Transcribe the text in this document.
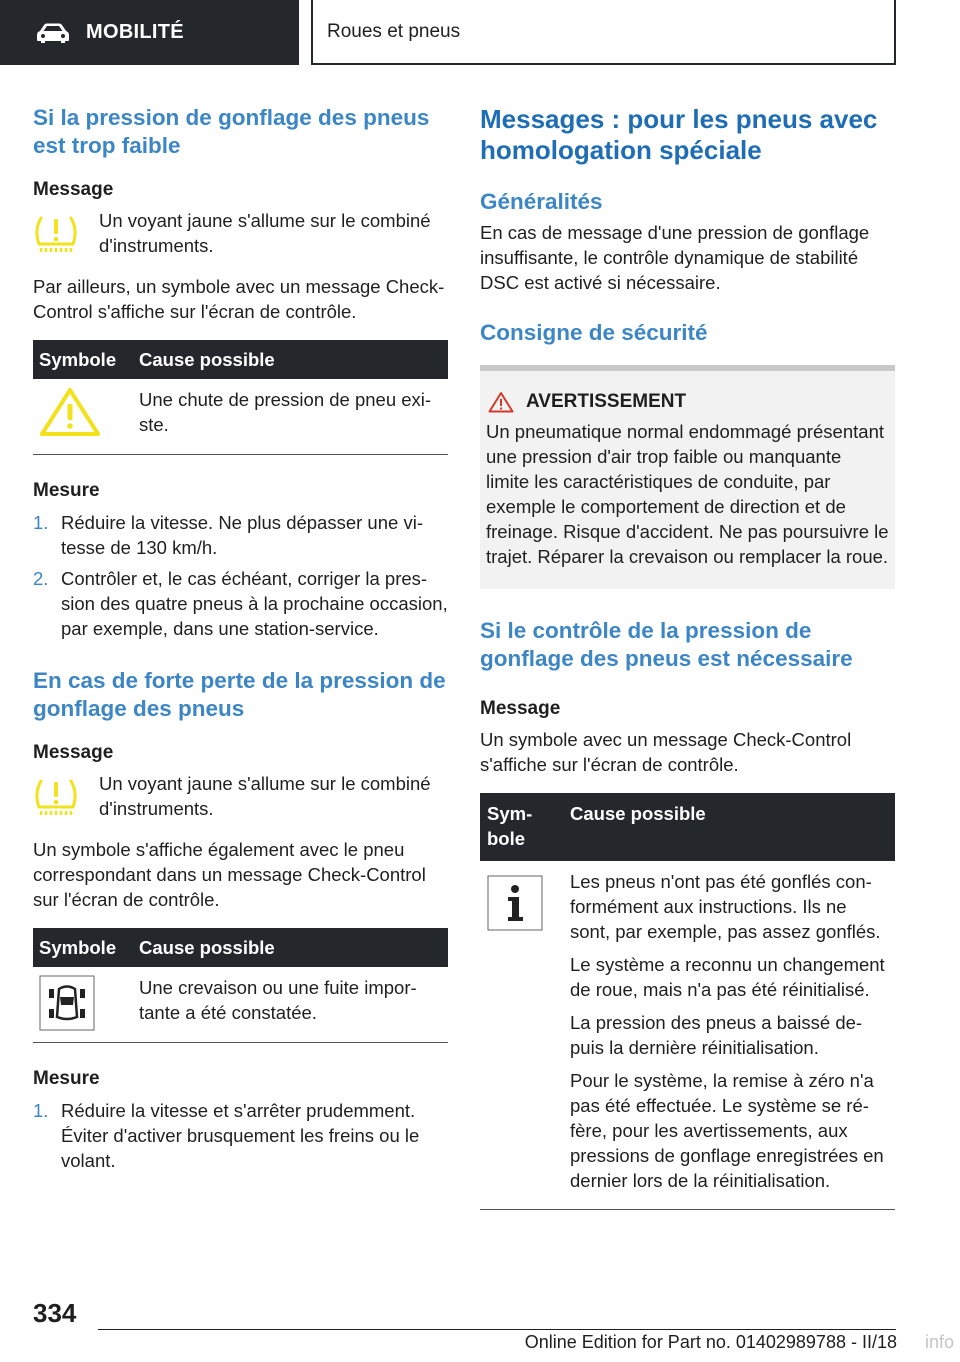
MOBILITÉ	Roues et pneus
Si la pression de gonflage des pneus est trop faible
Message

Un voyant jaune s'allume sur le combiné d'instruments.

Par ailleurs, un symbole avec un message Check-Control s'affiche sur l'écran de contrôle.

Symbole	Cause possible

Une chute de pression de pneu existe.

Mesure
1. Réduire la vitesse. Ne plus dépasser une vitesse de 130 km/h.
2. Contrôler et, le cas échéant, corriger la pression des quatre pneus à la prochaine occasion, par exemple, dans une station-service.
En cas de forte perte de la pression de gonflage des pneus
Message

Un voyant jaune s'allume sur le combiné d'instruments.

Un symbole s'affiche également avec le pneu correspondant dans un message Check-Control sur l'écran de contrôle.

Symbole	Cause possible

Une crevaison ou une fuite importante a été constatée.

Mesure
1. Réduire la vitesse et s'arrêter prudemment. Éviter d'activer brusquement les freins ou le volant.
Messages : pour les pneus avec homologation spéciale
Généralités

En cas de message d'une pression de gonflage insuffisante, le contrôle dynamique de stabilité DSC est activé si nécessaire.

Consigne de sécurité
AVERTISSEMENT

Un pneumatique normal endommagé présentant une pression d'air trop faible ou manquante limite les caractéristiques de conduite, par exemple le comportement de direction et de freinage. Risque d'accident. Ne pas poursuivre le trajet. Réparer la crevaison ou remplacer la roue.

Si le contrôle de la pression de gonflage des pneus est nécessaire
Message

Un symbole avec un message Check-Control s'affiche sur l'écran de contrôle.

Symbole
Cause possible

Les pneus n'ont pas été gonflés conformément aux instructions. Ils ne sont, par exemple, pas assez gonflés.

Le système a reconnu un changement de roue, mais n'a pas été réinitialisé.

La pression des pneus a baissé depuis la dernière réinitialisation.

Pour le système, la remise à zéro n'a pas été effectuée. Le système se réfère, pour les avertissements, aux pressions de gonflage enregistrées en dernier lors de la réinitialisation.

334
Online Edition for Part no. 01402989788 - II/18 info
